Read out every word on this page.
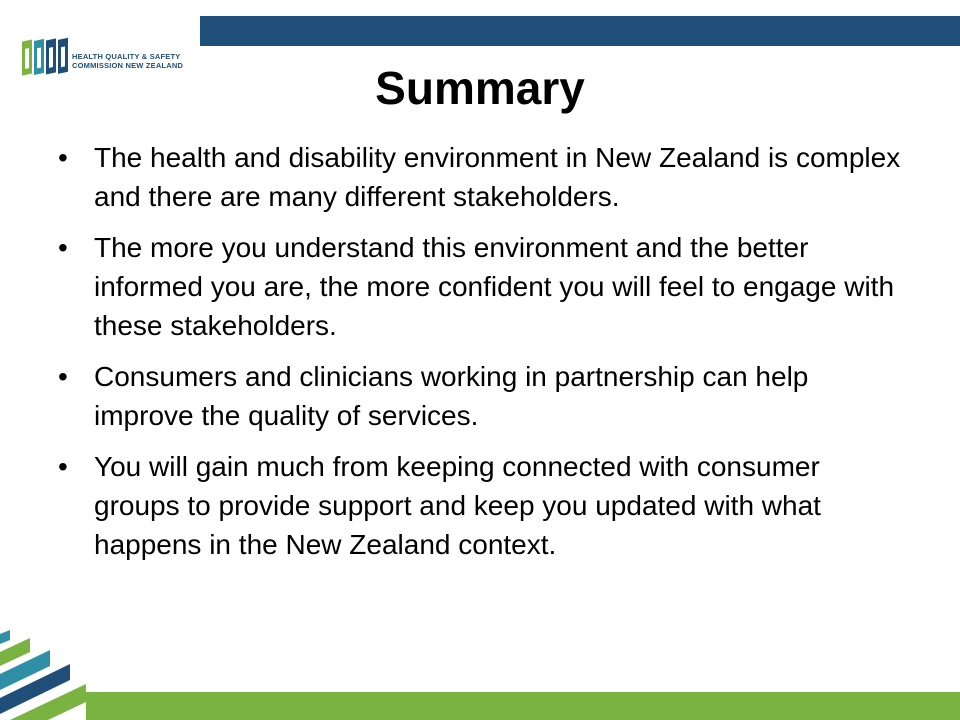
HEALTH QUALITY & SAFETY
COMMISSION NEW ZEALAND	Summary
• The health and disability environment in New Zealand is complex and there are many different stakeholders.
• The more you understand this environment and the better informed you are, the more confident you will feel to engage with these stakeholders.
• Consumers and clinicians working in partnership can help improve the quality of services.
• You will gain much from keeping connected with consumer groups to provide support and keep you updated with what happens in the New Zealand context.
